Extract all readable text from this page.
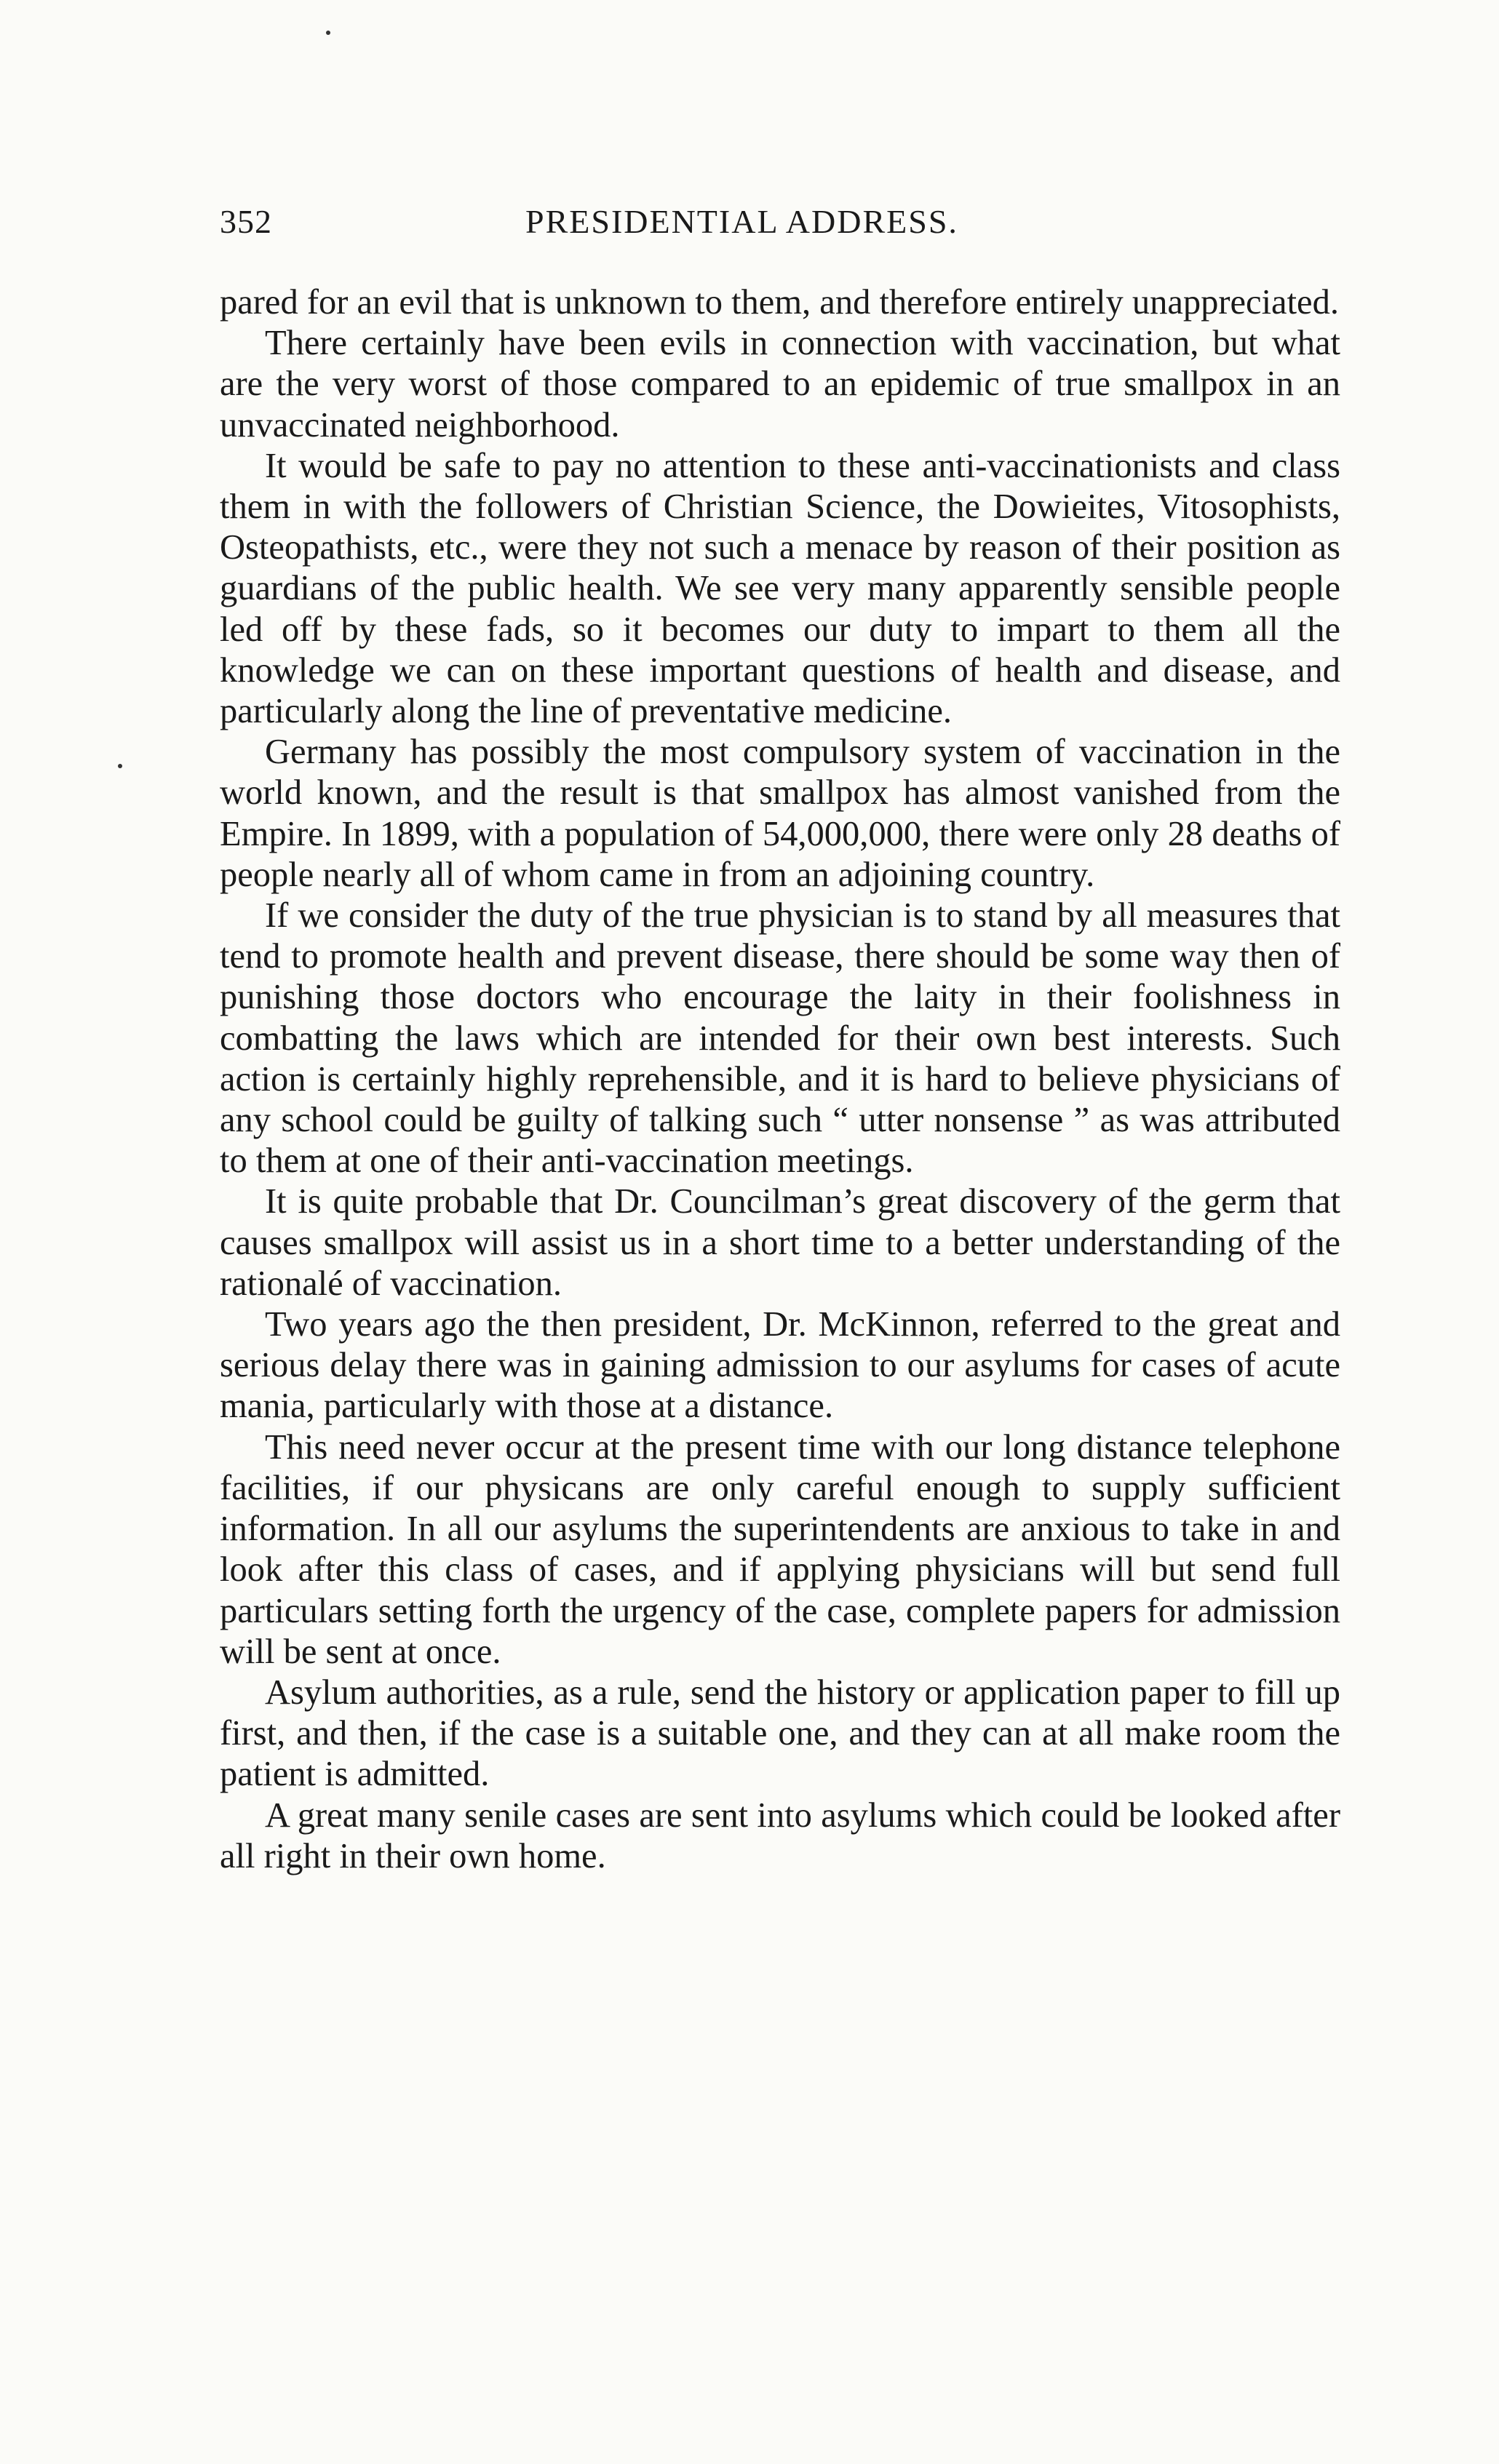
352	PRESIDENTIAL ADDRESS.

pared for an evil that is unknown to them, and therefore entirely unappreciated.

There certainly have been evils in connection with vaccination, but what are the very worst of those compared to an epidemic of true smallpox in an unvaccinated neighborhood.

It would be safe to pay no attention to these anti-vaccinationists and class them in with the followers of Christian Science, the Dowieites, Vitosophists, Osteopathists, etc., were they not such a menace by reason of their position as guardians of the public health. We see very many apparently sensible people led off by these fads, so it becomes our duty to impart to them all the knowledge we can on these important questions of health and disease, and particularly along the line of preventative medicine.

Germany has possibly the most compulsory system of vaccination in the world known, and the result is that smallpox has almost vanished from the Empire. In 1899, with a population of 54,000,000, there were only 28 deaths of people nearly all of whom came in from an adjoining country.

If we consider the duty of the true physician is to stand by all measures that tend to promote health and prevent disease, there should be some way then of punishing those doctors who encourage the laity in their foolishness in combatting the laws which are intended for their own best interests. Such action is certainly highly reprehensible, and it is hard to believe physicians of any school could be guilty of talking such “ utter nonsense ” as was attributed to them at one of their anti-vaccination meetings.

It is quite probable that Dr. Councilman’s great discovery of the germ that causes smallpox will assist us in a short time to a better understanding of the rationalé of vaccination.

Two years ago the then president, Dr. McKinnon, referred to the great and serious delay there was in gaining admission to our asylums for cases of acute mania, particularly with those at a distance.

This need never occur at the present time with our long distance telephone facilities, if our physicans are only careful enough to supply sufficient information. In all our asylums the superintendents are anxious to take in and look after this class of cases, and if applying physicians will but send full particulars setting forth the urgency of the case, complete papers for admission will be sent at once.

Asylum authorities, as a rule, send the history or application paper to fill up first, and then, if the case is a suitable one, and they can at all make room the patient is admitted.

A great many senile cases are sent into asylums which could be looked after all right in their own home.
